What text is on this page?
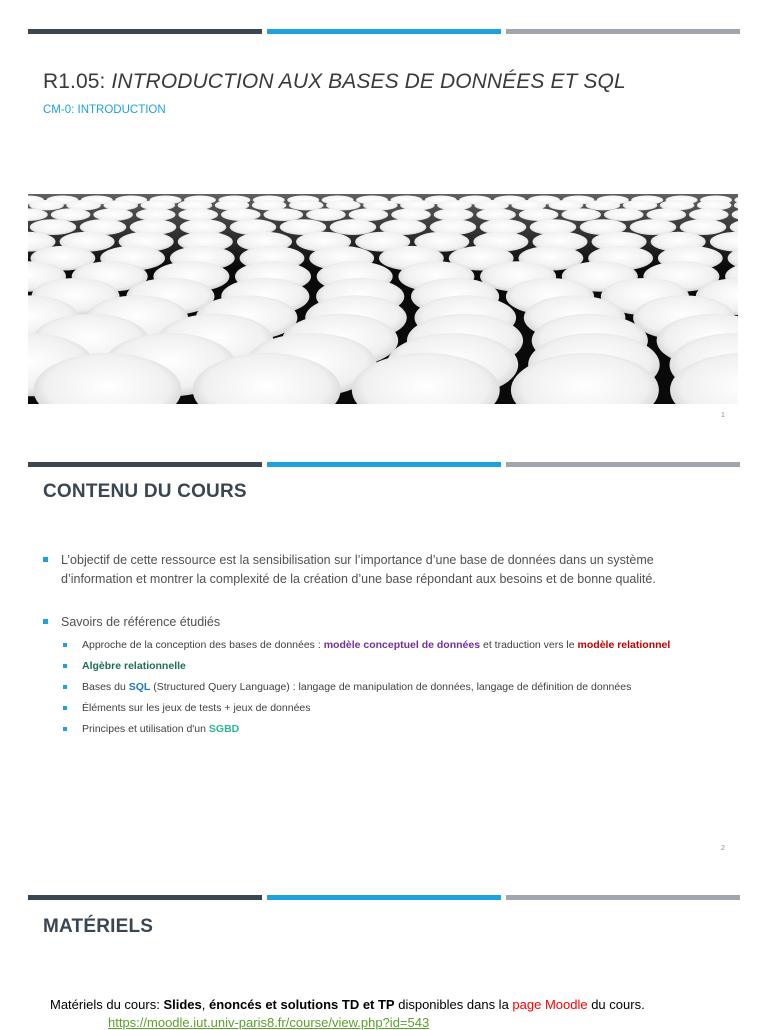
R1.05: INTRODUCTION AUX BASES DE DONNÉES ET SQL
CM-0: INTRODUCTION
1
CONTENU DU COURS
L’objectif de cette ressource est la sensibilisation sur l’importance d’une base de données dans un système d’information et montrer la complexité de la création d’une base répondant aux besoins et de bonne qualité.
Savoirs de référence étudiés
Approche de la conception des bases de données : modèle conceptuel de données et traduction vers le modèle relationnel
Algèbre relationnelle
Bases du SQL (Structured Query Language) : langage de manipulation de données, langage de définition de données
Éléments sur les jeux de tests + jeux de données
Principes et utilisation d'un SGBD
2
MATÉRIELS
Matériels du cours: Slides, énoncés et solutions TD et TP disponibles dans la page Moodle du cours.
https://moodle.iut.univ-paris8.fr/course/view.php?id=543
